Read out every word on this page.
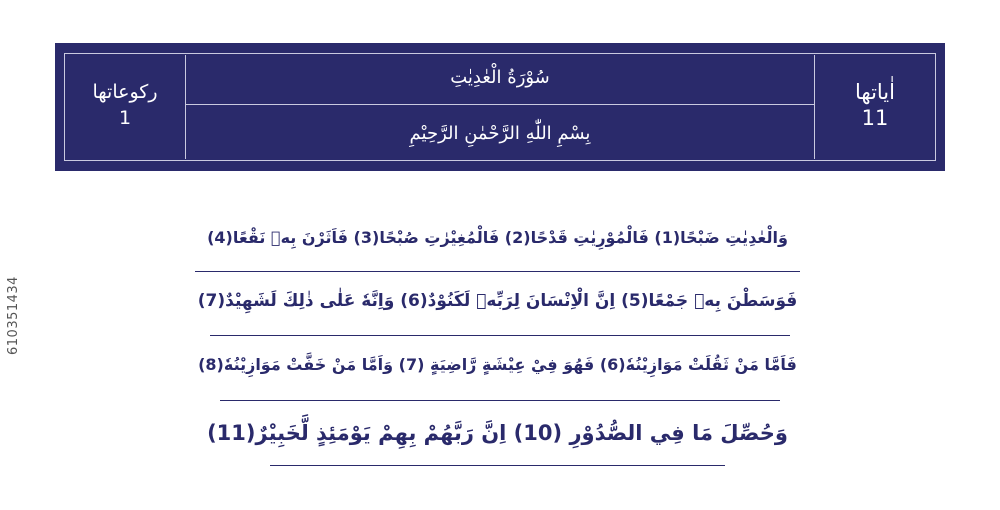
610351434
رکوعاتها
1
سُوْرَةُ الْعٰدِيٰتِ
بِسْمِ اللّٰهِ الرَّحْمٰنِ الرَّحِيْمِ
اٰیاتها
11
وَالْعٰدِيٰتِ ضَبْحًا(1) فَالْمُوْرِيٰتِ قَدْحًا(2) فَالْمُغِيْرٰتِ صُبْحًا(3) فَاَثَرْنَ بِهٖ نَقْعًا(4)
فَوَسَطْنَ بِهٖ جَمْعًا(5) اِنَّ الْاِنْسَانَ لِرَبِّهٖ لَكَنُوْدٌ(6) وَاِنَّهٗ عَلٰى ذٰلِكَ لَشَهِيْدٌ(7)
فَاَمَّا مَنْ ثَقُلَتْ مَوَازِيْنُهٗ(6) فَهُوَ فِيْ عِيْشَةٍ رَّاضِيَةٍ (7) وَاَمَّا مَنْ خَفَّتْ مَوَازِيْنُهٗ(8)
وَحُصِّلَ مَا فِي الصُّدُوْرِ (10) اِنَّ رَبَّهُمْ بِهِمْ يَوْمَئِذٍ لَّخَبِيْرٌ(11)
